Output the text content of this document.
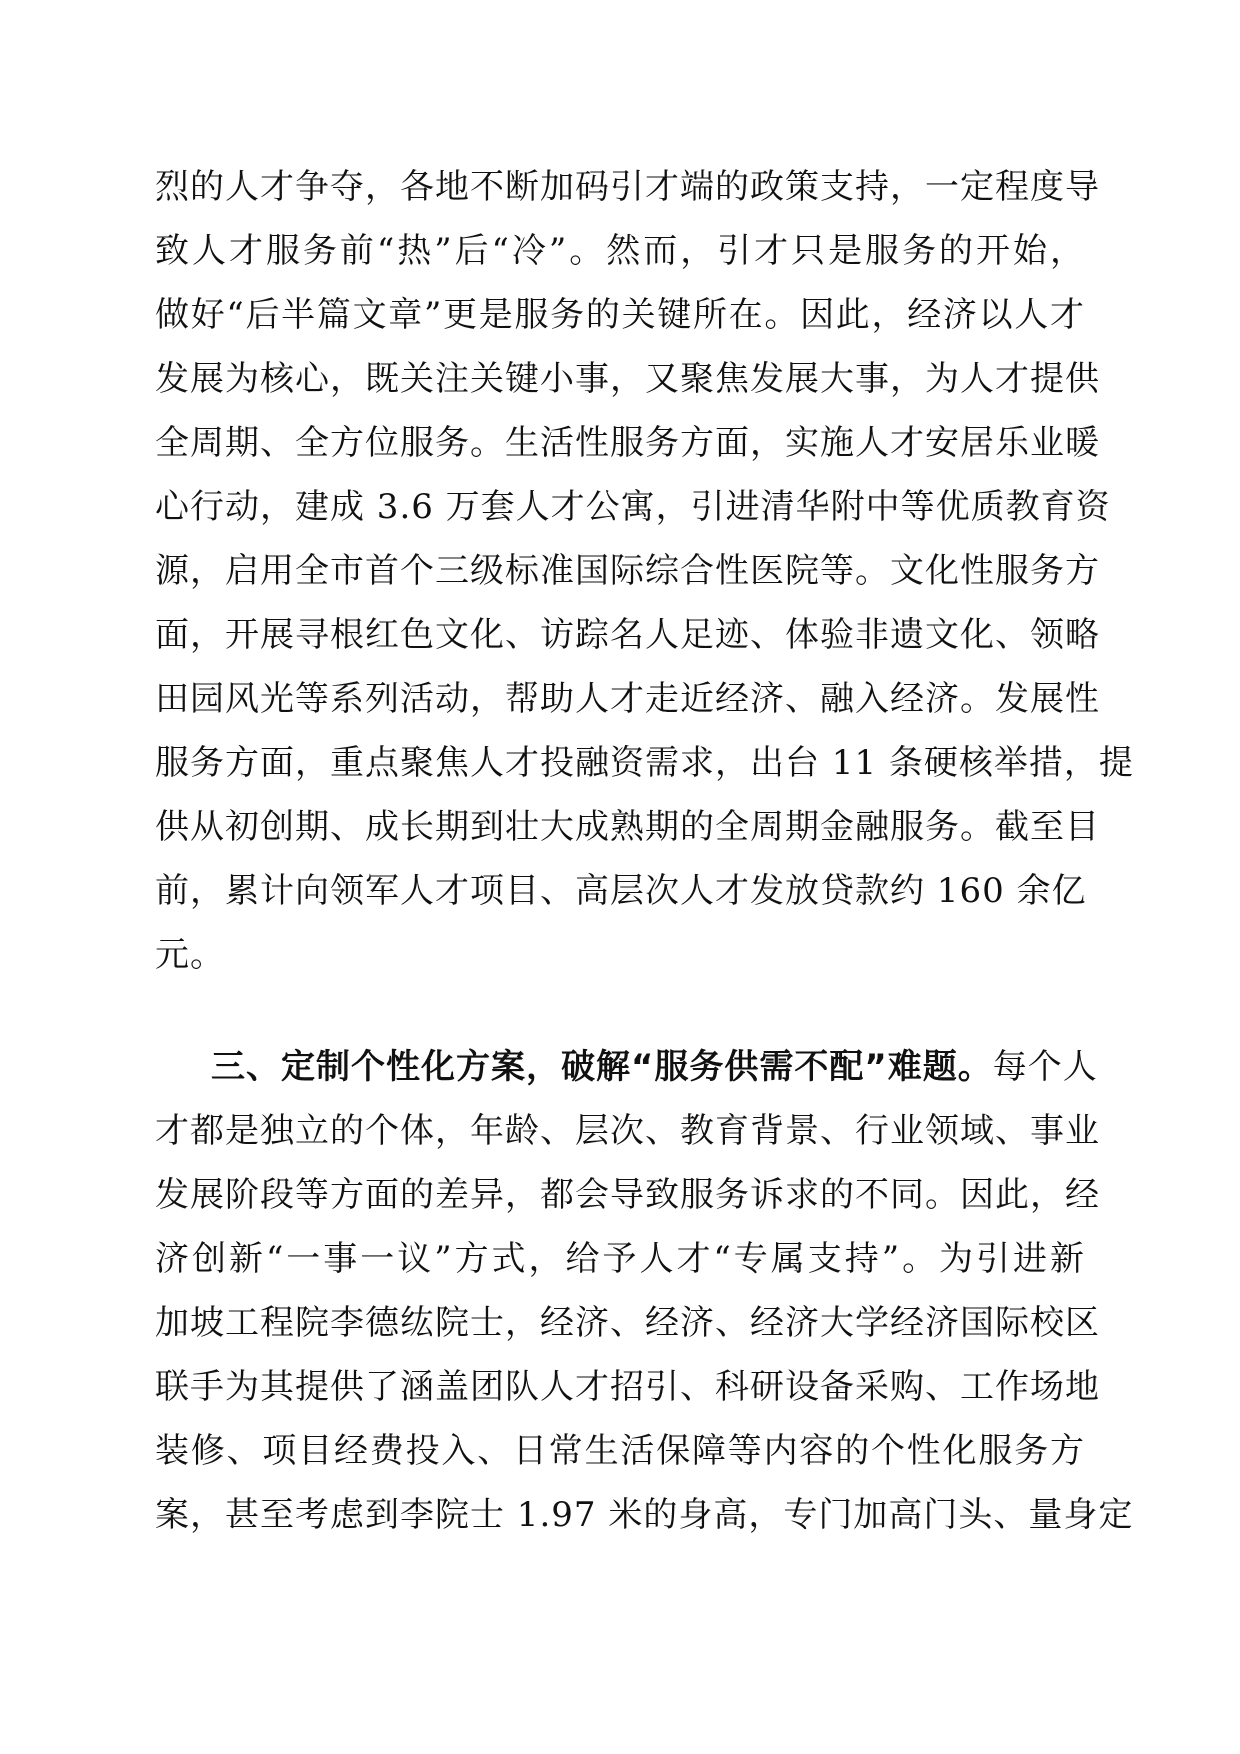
烈的人才争夺，各地不断加码引才端的政策支持，一定程度导
致人才服务前“热”后“冷”。然而，引才只是服务的开始，
做好“后半篇文章”更是服务的关键所在。因此，经济以人才
发展为核心，既关注关键小事，又聚焦发展大事，为人才提供
全周期、全方位服务。生活性服务方面，实施人才安居乐业暖
心行动，建成 3.6 万套人才公寓，引进清华附中等优质教育资
源，启用全市首个三级标准国际综合性医院等。文化性服务方
面，开展寻根红色文化、访踪名人足迹、体验非遗文化、领略
田园风光等系列活动，帮助人才走近经济、融入经济。发展性
服务方面，重点聚焦人才投融资需求，出台 11 条硬核举措，提
供从初创期、成长期到壮大成熟期的全周期金融服务。截至目
前，累计向领军人才项目、高层次人才发放贷款约 160 余亿
元。
三、定制个性化方案，破解“服务供需不配”难题。每个人
才都是独立的个体，年龄、层次、教育背景、行业领域、事业
发展阶段等方面的差异，都会导致服务诉求的不同。因此，经
济创新“一事一议”方式，给予人才“专属支持”。为引进新
加坡工程院李德纮院士，经济、经济、经济大学经济国际校区
联手为其提供了涵盖团队人才招引、科研设备采购、工作场地
装修、项目经费投入、日常生活保障等内容的个性化服务方
案，甚至考虑到李院士 1.97 米的身高，专门加高门头、量身定
